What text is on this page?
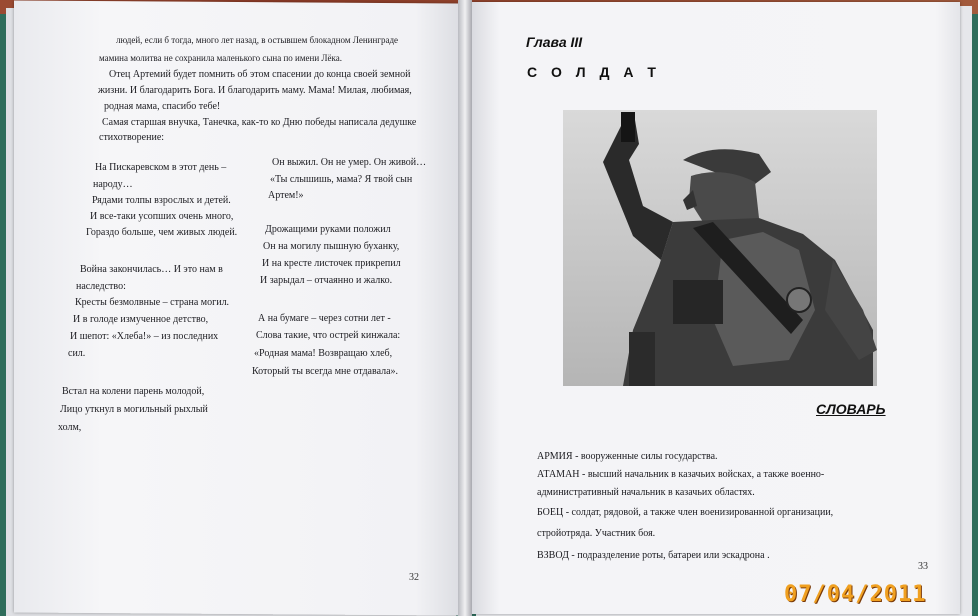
людей, если б тогда, много лет назад, в остывшем блокадном Ленинграде
мамина молитва не сохранила маленького сына по имени Лёка.
Отец Артемий будет помнить об этом спасении до конца своей земной
жизни. И благодарить Бога. И благодарить маму. Мама! Милая, любимая,
родная мама, спасибо тебе!
Самая старшая внучка, Танечка, как-то ко Дню победы написала дедушке
стихотворение:
На Пискаревском в этот день –
народу…
Рядами толпы взрослых и детей.
И все-таки усопших очень много,
Гораздо больше, чем живых людей.
Война закончилась… И это нам в
наследство:
Кресты безмолвные – страна могил.
И в голоде измученное детство,
И шепот: «Хлеба!» – из последних
сил.
Встал на колени парень молодой,
Лицо уткнул в могильный рыхлый
холм,
Он выжил. Он не умер. Он живой…
«Ты слышишь, мама? Я твой сын
Артем!»
Дрожащими руками положил
Он на могилу пышную буханку,
И на кресте листочек прикрепил
И зарыдал – отчаянно и жалко.
А на бумаге – через сотни лет -
Слова такие, что острей кинжала:
«Родная мама! Возвращаю хлеб,
Который ты всегда мне отдавала».
32
Глава III
С О Л Д А Т
СЛОВАРЬ
АРМИЯ - вооруженные силы государства.
АТАМАН - высший начальник в казачьих войсках, а также военно-
административный начальник в казачьих областях.
БОЕЦ - солдат, рядовой, а также член военизированной организации,
стройотряда. Участник боя.
ВЗВОД - подразделение роты, батареи или эскадрона .
33
07/04/2011
